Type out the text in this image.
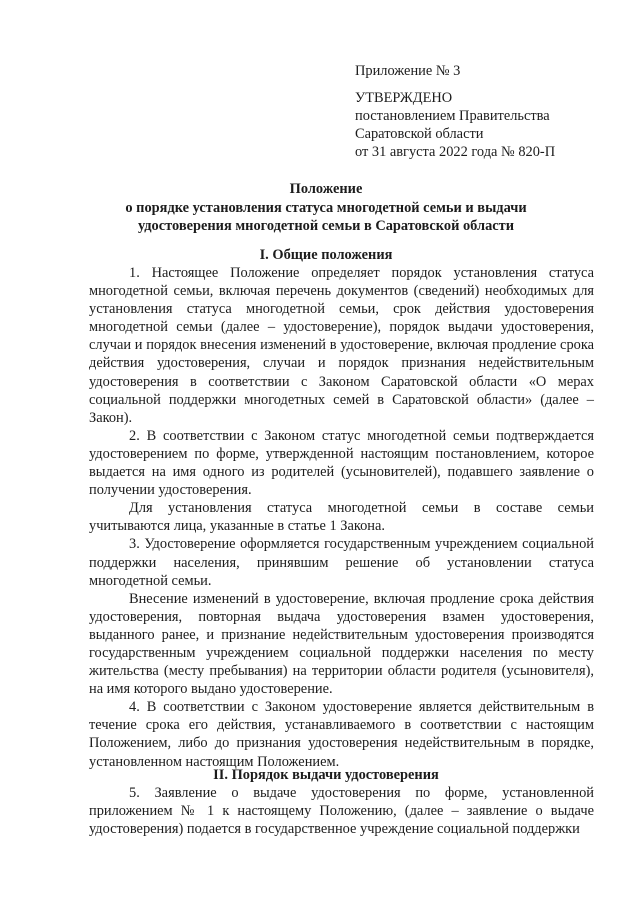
Приложение № 3
УТВЕРЖДЕНО
постановлением Правительства
Саратовской области
от 31 августа 2022 года № 820-П
Положение
о порядке установления статуса многодетной семьи и выдачи
удостоверения многодетной семьи в Саратовской области
I. Общие положения

1. Настоящее Положение определяет порядок установления статуса многодетной семьи, включая перечень документов (сведений) необходимых для установления статуса многодетной семьи, срок действия удостоверения многодетной семьи (далее – удостоверение), порядок выдачи удостоверения, случаи и порядок внесения изменений в удостоверение, включая продление срока действия удостоверения, случаи и порядок признания недействительным удостоверения в соответствии с Законом Саратовской области «О мерах социальной поддержки многодетных семей в Саратовской области» (далее – Закон).

2. В соответствии с Законом статус многодетной семьи подтверждается удостоверением по форме, утвержденной настоящим постановлением, которое выдается на имя одного из родителей (усыновителей), подавшего заявление о получении удостоверения.

Для установления статуса многодетной семьи в составе семьи учитываются лица, указанные в статье 1 Закона.

3. Удостоверение оформляется государственным учреждением социальной поддержки населения, принявшим решение об установлении статуса многодетной семьи.

Внесение изменений в удостоверение, включая продление срока действия удостоверения, повторная выдача удостоверения взамен удостоверения, выданного ранее, и признание недействительным удостоверения производятся государственным учреждением социальной поддержки населения по месту жительства (месту пребывания) на территории области родителя (усыновителя), на имя которого выдано удостоверение.

4. В соответствии с Законом удостоверение является действительным в течение срока его действия, устанавливаемого в соответствии с настоящим Положением, либо до признания удостоверения недействительным в порядке, установленном настоящим Положением.

II. Порядок выдачи удостоверения

5. Заявление о выдаче удостоверения по форме, установленной приложением № 1 к настоящему Положению, (далее – заявление о выдаче удостоверения) подается в государственное учреждение социальной поддержки
